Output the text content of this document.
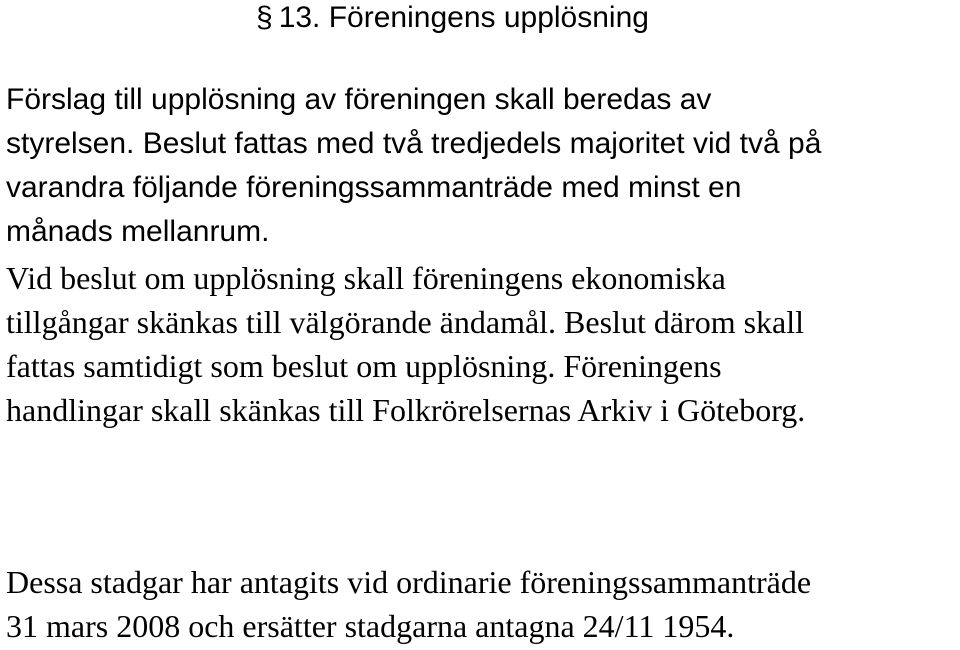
§ 13. Föreningens upplösning
Förslag till upplösning av föreningen skall beredas av
styrelsen. Beslut fattas med två tredjedels majoritet vid två på
varandra följande föreningssammanträde med minst en
månads mellanrum.
Vid beslut om upplösning skall föreningens ekonomiska
tillgångar skänkas till välgörande ändamål. Beslut därom skall
fattas samtidigt som beslut om upplösning. Föreningens
handlingar skall skänkas till Folkrörelsernas Arkiv i Göteborg.
Dessa stadgar har antagits vid ordinarie föreningssammanträde
31 mars 2008 och ersätter stadgarna antagna 24/11 1954.
